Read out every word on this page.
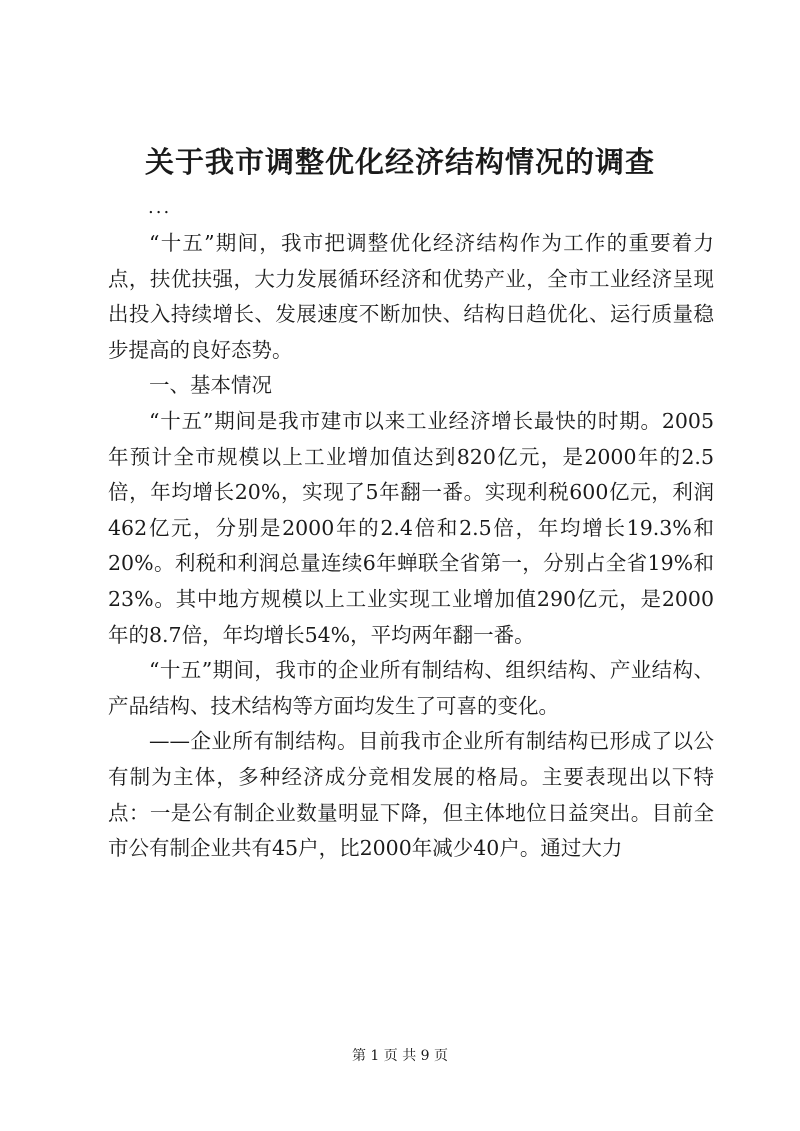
关于我市调整优化经济结构情况的调查
...

“十五”期间，我市把调整优化经济结构作为工作的重要着力点，扶优扶强，大力发展循环经济和优势产业，全市工业经济呈现出投入持续增长、发展速度不断加快、结构日趋优化、运行质量稳步提高的良好态势。

一、基本情况

“十五”期间是我市建市以来工业经济增长最快的时期。2005年预计全市规模以上工业增加值达到820亿元，是2000年的2.5倍，年均增长20%，实现了5年翻一番。实现利税600亿元，利润462亿元，分别是2000年的2.4倍和2.5倍，年均增长19.3%和20%。利税和利润总量连续6年蝉联全省第一，分别占全省19%和23%。其中地方规模以上工业实现工业增加值290亿元，是2000年的8.7倍，年均增长54%，平均两年翻一番。

“十五”期间，我市的企业所有制结构、组织结构、产业结构、产品结构、技术结构等方面均发生了可喜的变化。

——企业所有制结构。目前我市企业所有制结构已形成了以公有制为主体，多种经济成分竞相发展的格局。主要表现出以下特点：一是公有制企业数量明显下降，但主体地位日益突出。目前全市公有制企业共有45户，比2000年减少40户。通过大力

第 1 页 共 9 页
